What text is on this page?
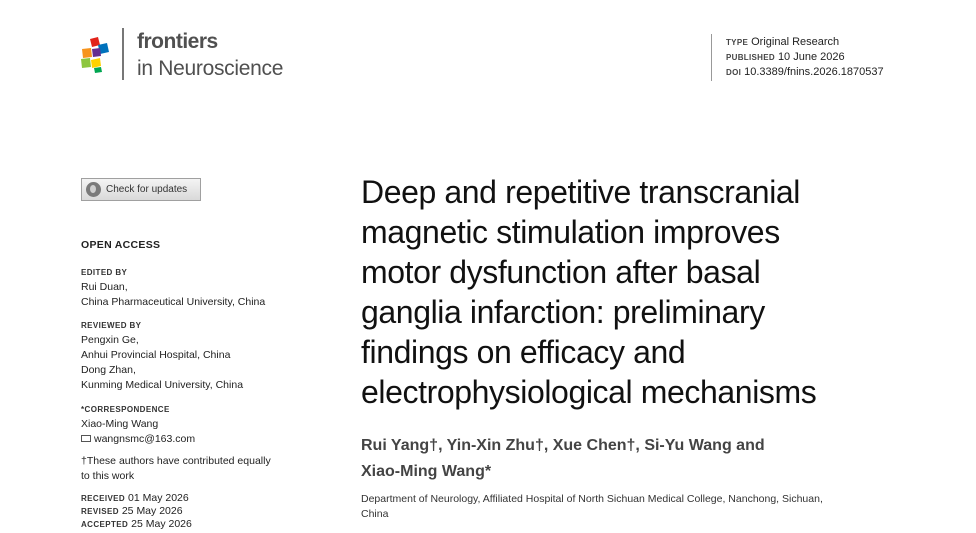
frontiers
in Neuroscience
TYPE Original Research
PUBLISHED 10 June 2026
DOI 10.3389/fnins.2026.1870537
Check for updates
OPEN ACCESS
EDITED BY
Rui Duan,
China Pharmaceutical University, China
REVIEWED BY
Pengxin Ge,
Anhui Provincial Hospital, China
Dong Zhan,
Kunming Medical University, China
*CORRESPONDENCE
Xiao-Ming Wang
wangnsmc@163.com
†These authors have contributed equally
to this work
RECEIVED 01 May 2026
REVISED 25 May 2026
ACCEPTED 25 May 2026
Deep and repetitive transcranial
magnetic stimulation improves
motor dysfunction after basal
ganglia infarction: preliminary
findings on efficacy and
electrophysiological mechanisms
Rui Yang†, Yin-Xin Zhu†, Xue Chen†, Si-Yu Wang and
Xiao-Ming Wang*
Department of Neurology, Affiliated Hospital of North Sichuan Medical College, Nanchong, Sichuan,
China
